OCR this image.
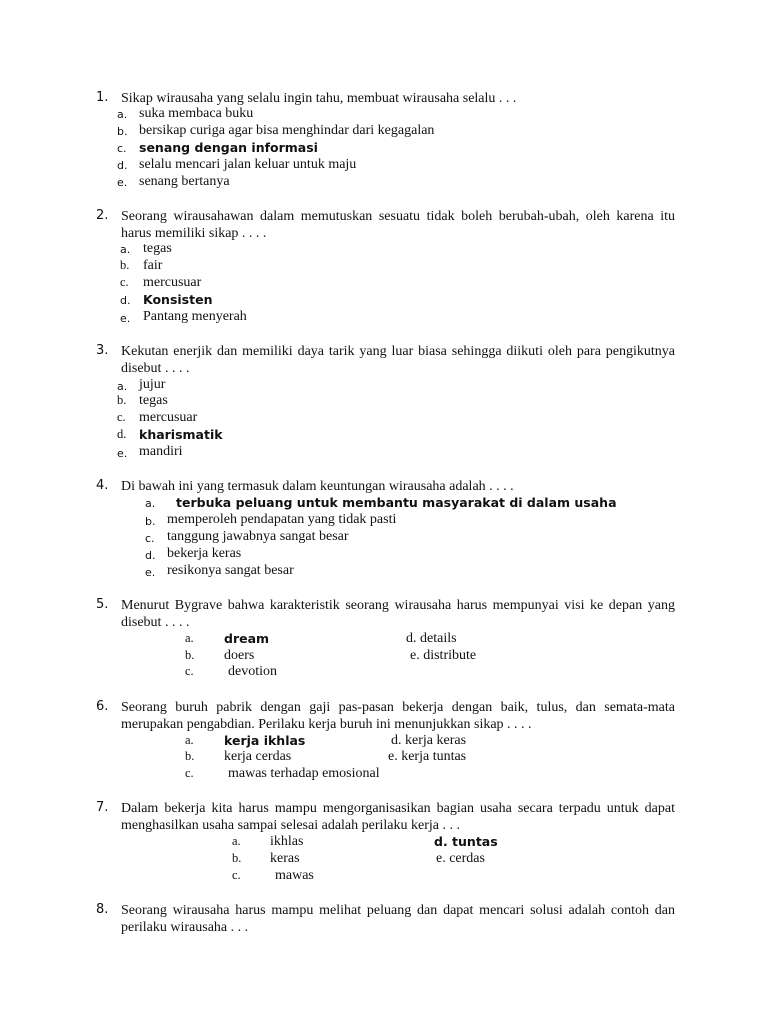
1. Sikap wirausaha yang selalu ingin tahu, membuat wirausaha selalu . . .
a. suka membaca buku
b. bersikap curiga agar bisa menghindar dari kegagalan
c. senang dengan informasi
d. selalu mencari jalan keluar untuk maju
e. senang bertanya
2. Seorang wirausahawan dalam memutuskan sesuatu tidak boleh berubah-ubah, oleh karena itu harus memiliki sikap . . . .
a. tegas
b. fair
c. mercusuar
d. Konsisten
e. Pantang menyerah
3. Kekutan enerjik dan memiliki daya tarik yang luar biasa sehingga diikuti oleh para pengikutnya disebut . . . .
a. jujur
b. tegas
c. mercusuar
d. kharismatik
e. mandiri
4. Di bawah ini yang termasuk dalam keuntungan wirausaha adalah . . . .
a. terbuka peluang untuk membantu masyarakat di dalam usaha
b. memperoleh pendapatan yang tidak pasti
c. tanggung jawabnya sangat besar
d. bekerja keras
e. resikonya sangat besar
5. Menurut Bygrave bahwa karakteristik seorang wirausaha harus mempunyai visi ke depan yang disebut . . . .
a. dream
b. doers
c. devotion
d. details
e. distribute
6. Seorang buruh pabrik dengan gaji pas-pasan bekerja dengan baik, tulus, dan semata-mata merupakan pengabdian. Perilaku kerja buruh ini menunjukkan sikap . . . .
a. kerja ikhlas
b. kerja cerdas
c. mawas terhadap emosional
d. kerja keras
e. kerja tuntas
7. Dalam bekerja kita harus mampu mengorganisasikan bagian usaha secara terpadu untuk dapat menghasilkan usaha sampai selesai adalah perilaku kerja . . .
a. ikhlas
b. keras
c. mawas
d. tuntas
e. cerdas
8. Seorang wirausaha harus mampu melihat peluang dan dapat mencari solusi adalah contoh dan perilaku wirausaha . . .
